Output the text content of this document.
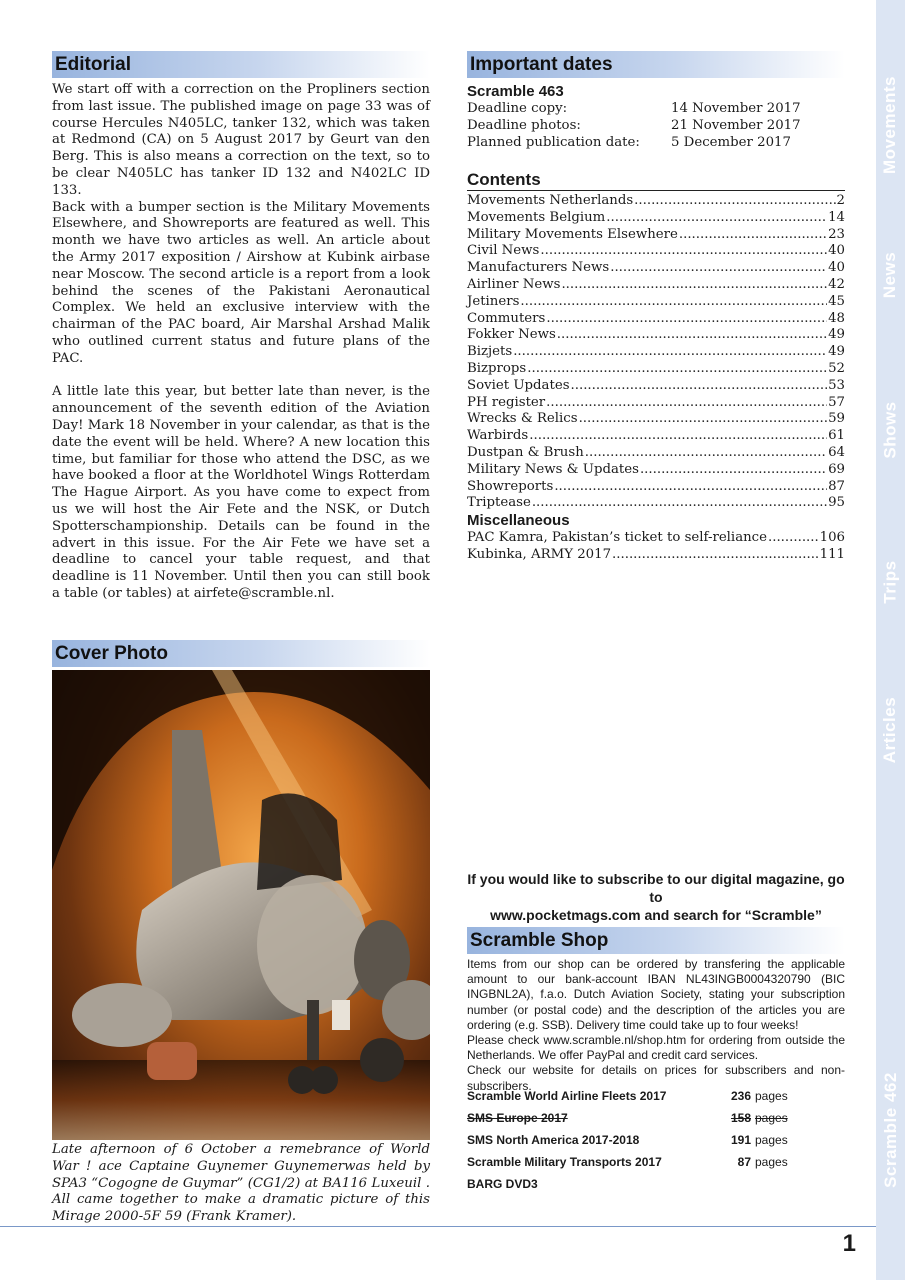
Movements
News
Shows
Trips
Articles
Scramble 462
Editorial

We start off with a correction on the Propliners section from last issue. The published image on page 33 was of course Hercules N405LC, tanker 132, which was taken at Redmond (CA) on 5 August 2017 by Geurt van den Berg. This is also means a correction on the text, so to be clear N405LC has tanker ID 132 and N402LC ID 133.

Back with a bumper section is the Military Movements Elsewhere, and Showreports are featured as well. This month we have two articles as well. An article about the Army 2017 exposition / Airshow at Kubink airbase near Moscow. The second article is a report from a look behind the scenes of the Pakistani Aeronautical Complex. We held an exclusive interview with the chairman of the PAC board, Air Marshal Arshad Malik who outlined current status and future plans of the PAC.

A little late this year, but better late than never, is the announcement of the seventh edition of the Aviation Day! Mark 18 November in your calendar, as that is the date the event will be held. Where? A new location this time, but familiar for those who attend the DSC, as we have booked a floor at the Worldhotel Wings Rotterdam The Hague Airport. As you have come to expect from us we will host the Air Fete and the NSK, or Dutch Spotterschampionship. Details can be found in the advert in this issue. For the Air Fete we have set a deadline to cancel your table request, and that deadline is 11 November. Until then you can still book a table (or tables) at airfete@scramble.nl.

Important dates
Scramble 463
Deadline copy:	14 November 2017
Deadline photos:	21 November 2017
Planned publication date:	5 December 2017
Contents
Movements Netherlands .....	2
Movements Belgium .....	14
Military Movements Elsewhere .....	23
Civil News .....	40
Manufacturers News .....	40
Airliner News .....	42
Jetiners .....	45
Commuters .....	48
Fokker News .....	49
Bizjets .....	49
Bizprops .....	52
Soviet Updates .....	53
PH register .....	57
Wrecks & Relics .....	59
Warbirds .....	61
Dustpan & Brush .....	64
Military News & Updates .....	69
Showreports .....	87
Triptease .....	95
Miscellaneous
PAC Kamra, Pakistan’s ticket to self-reliance .....	106
Kubinka, ARMY 2017 .....	111
Cover Photo
Late afternoon of 6 October a remebrance of World War ! ace Captaine Guynemer Guynemerwas held by SPA3 “Cogogne de Guymar” (CG1/2) at BA116 Luxeuil . All came together to make a dramatic picture of this Mirage 2000-5F 59 (Frank Kramer).
If you would like to subscribe to our digital magazine, go to
www.pocketmags.com and search for “Scramble”
Scramble Shop

Items from our shop can be ordered by transfering the applicable amount to our bank-account IBAN NL43INGB0004320790 (BIC INGBNL2A), f.a.o. Dutch Aviation Society, stating your subscription number (or postal code) and the description of the articles you are ordering (e.g. SSB). Delivery time could take up to four weeks!

Please check www.scramble.nl/shop.htm for ordering from outside the Netherlands. We offer PayPal and credit card services.

Check our website for details on prices for subscribers and non-subscribers.

Scramble World Airline Fleets 2017	236 pages
SMS Europe 2017	158 pages
SMS North America 2017-2018	191 pages
Scramble Military Transports 2017	87 pages
BARG DVD3
1
